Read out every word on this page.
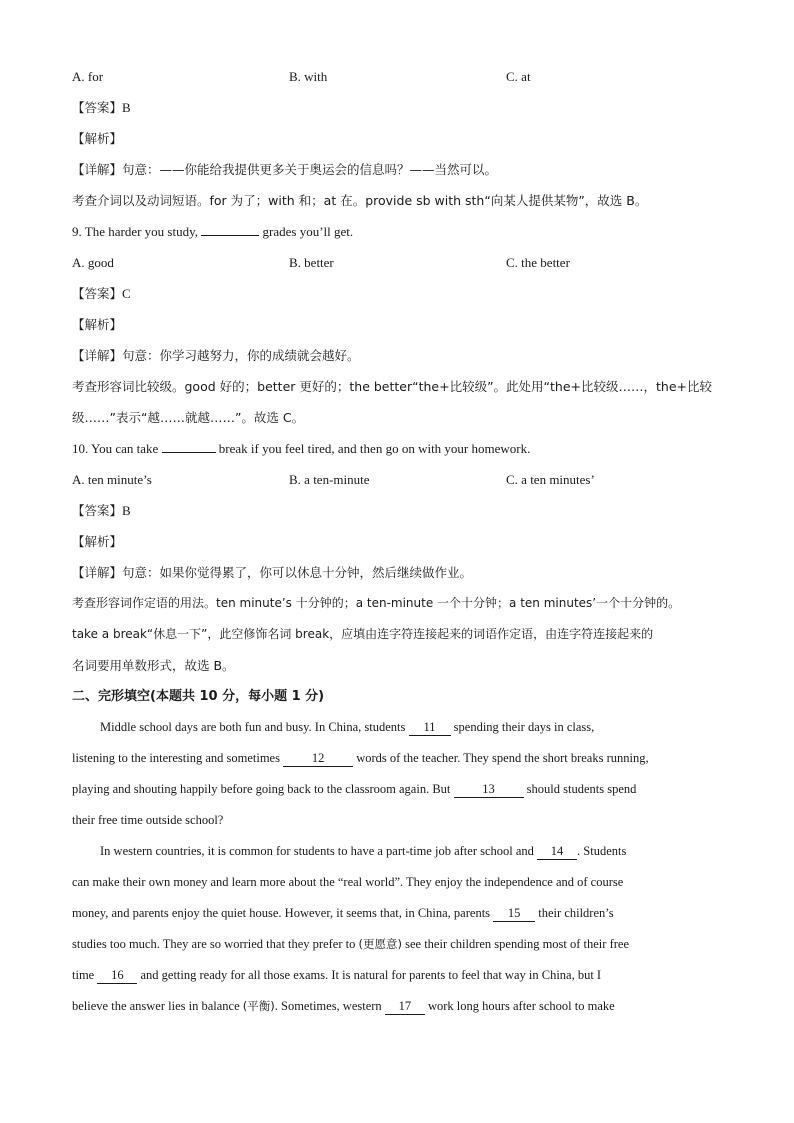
A. for	B. with	C. at
【答案】B
【解析】
【详解】句意：——你能给我提供更多关于奥运会的信息吗？——当然可以。
考查介词以及动词短语。for 为了；with 和；at 在。provide sb with sth“向某人提供某物”，故选 B。
9. The harder you study,	grades you’ll get.
A. good	B. better	C. the better
【答案】C
【解析】
【详解】句意：你学习越努力，你的成绩就会越好。
考查形容词比较级。good 好的；better 更好的；the better“the+比较级”。此处用“the+比较级……，the+比较
级……”表示“越……就越……”。故选 C。
10. You can take	break if you feel tired, and then go on with your homework.
A. ten minute’s	B. a ten-minute	C. a ten minutes’
【答案】B
【解析】
【详解】句意：如果你觉得累了，你可以休息十分钟，然后继续做作业。
考查形容词作定语的用法。ten minute’s 十分钟的；a ten-minute 一个十分钟；a ten minutes’一个十分钟的。
take a break“休息一下”，此空修饰名词 break，应填由连字符连接起来的词语作定语，由连字符连接起来的
名词要用单数形式，故选 B。
二、完形填空(本题共 10 分，每小题 1 分)
Middle school days are both fun and busy. In China, students 11 spending their days in class,
listening to the interesting and sometimes 12 words of the teacher. They spend the short breaks running,
playing and shouting happily before going back to the classroom again. But 13 should students spend
their free time outside school?
In western countries, it is common for students to have a part-time job after school and 14 . Students
can make their own money and learn more about the “real world”. They enjoy the independence and of course
money, and parents enjoy the quiet house. However, it seems that, in China, parents 15 their children’s
studies too much. They are so worried that they prefer to (更愿意) see their children spending most of their free
time 16 and getting ready for all those exams. It is natural for parents to feel that way in China, but I
believe the answer lies in balance (平衡). Sometimes, western 17 work long hours after school to make
